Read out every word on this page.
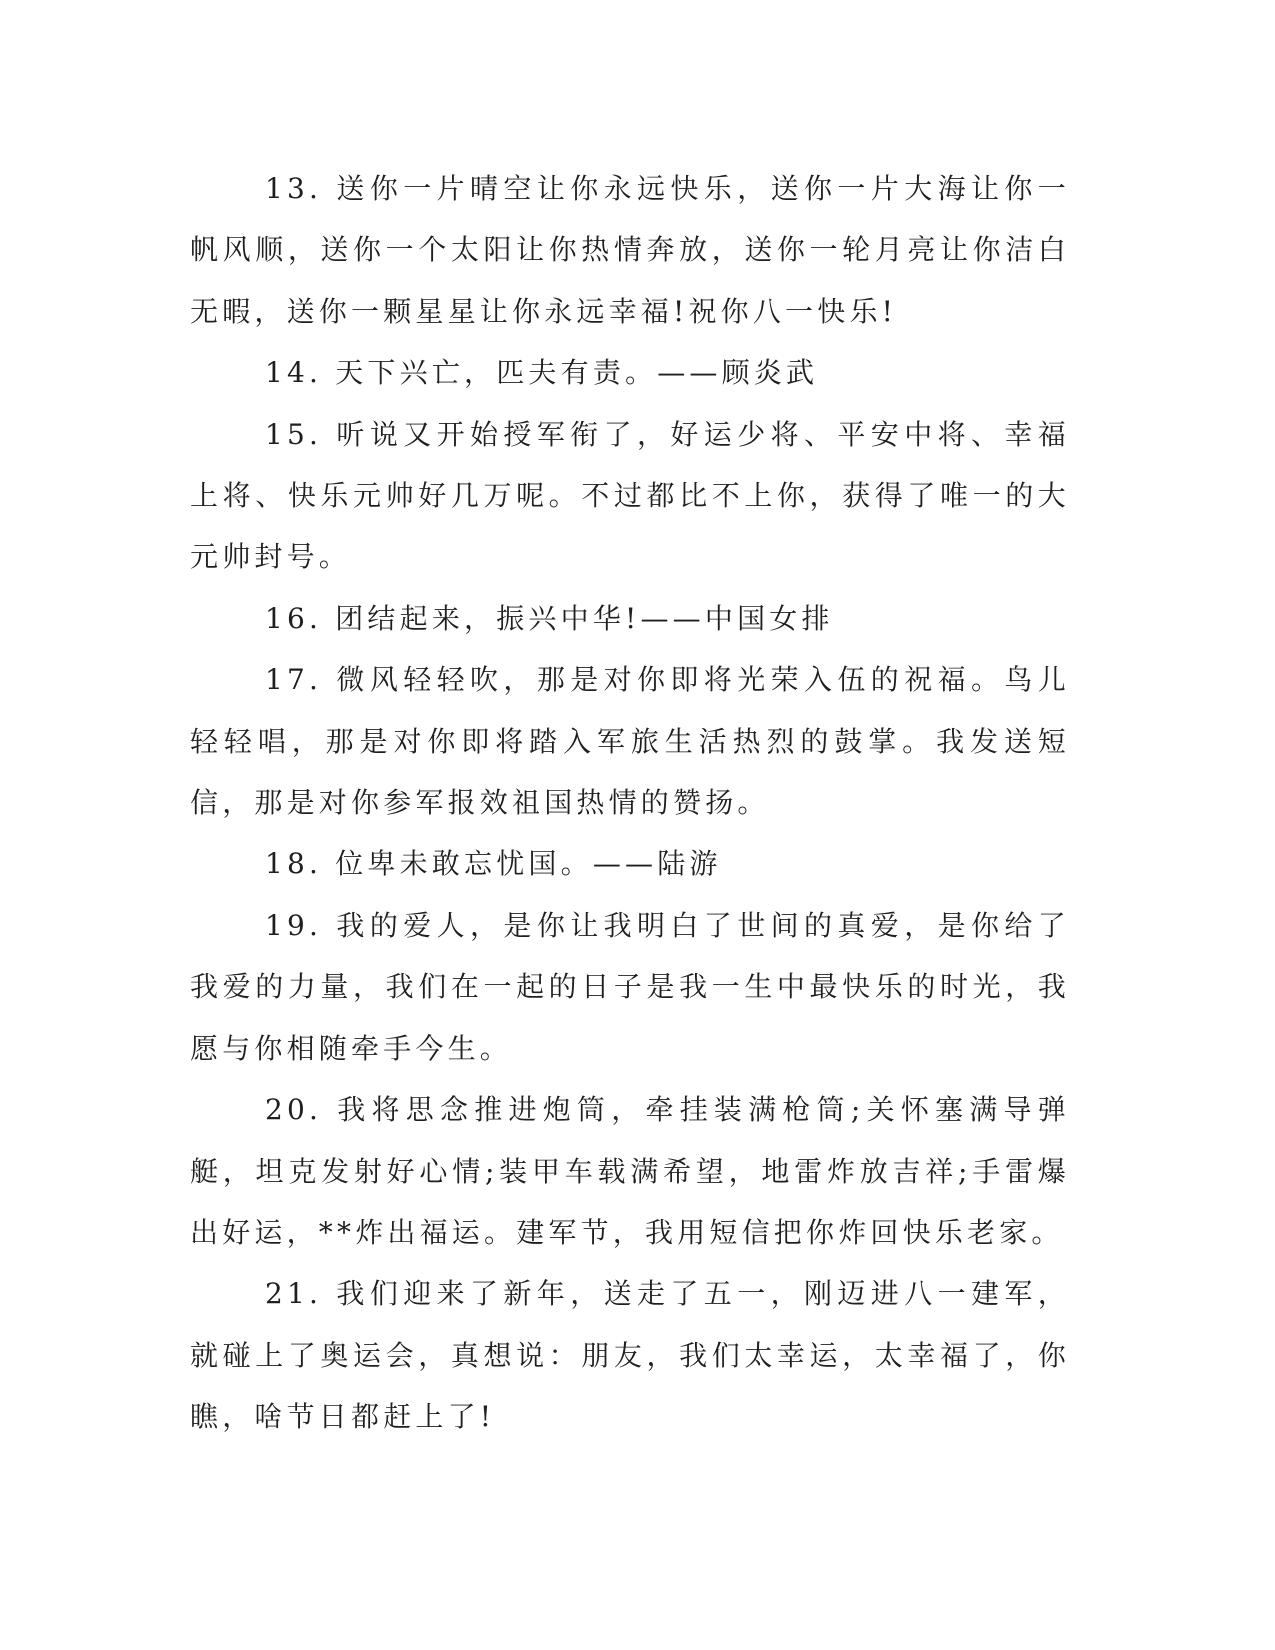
13. 送你一片晴空让你永远快乐，送你一片大海让你一帆风顺，送你一个太阳让你热情奔放，送你一轮月亮让你洁白无暇，送你一颗星星让你永远幸福!祝你八一快乐!

14. 天下兴亡，匹夫有责。——顾炎武

15. 听说又开始授军衔了，好运少将、平安中将、幸福上将、快乐元帅好几万呢。不过都比不上你，获得了唯一的大元帅封号。

16. 团结起来，振兴中华!——中国女排

17. 微风轻轻吹，那是对你即将光荣入伍的祝福。鸟儿轻轻唱，那是对你即将踏入军旅生活热烈的鼓掌。我发送短信，那是对你参军报效祖国热情的赞扬。

18. 位卑未敢忘忧国。——陆游

19. 我的爱人，是你让我明白了世间的真爱，是你给了我爱的力量，我们在一起的日子是我一生中最快乐的时光，我愿与你相随牵手今生。

20. 我将思念推进炮筒，牵挂装满枪筒;关怀塞满导弹艇，坦克发射好心情;装甲车载满希望，地雷炸放吉祥;手雷爆出好运，**炸出福运。建军节，我用短信把你炸回快乐老家。

21. 我们迎来了新年，送走了五一，刚迈进八一建军，就碰上了奥运会，真想说：朋友，我们太幸运，太幸福了，你瞧，啥节日都赶上了!
